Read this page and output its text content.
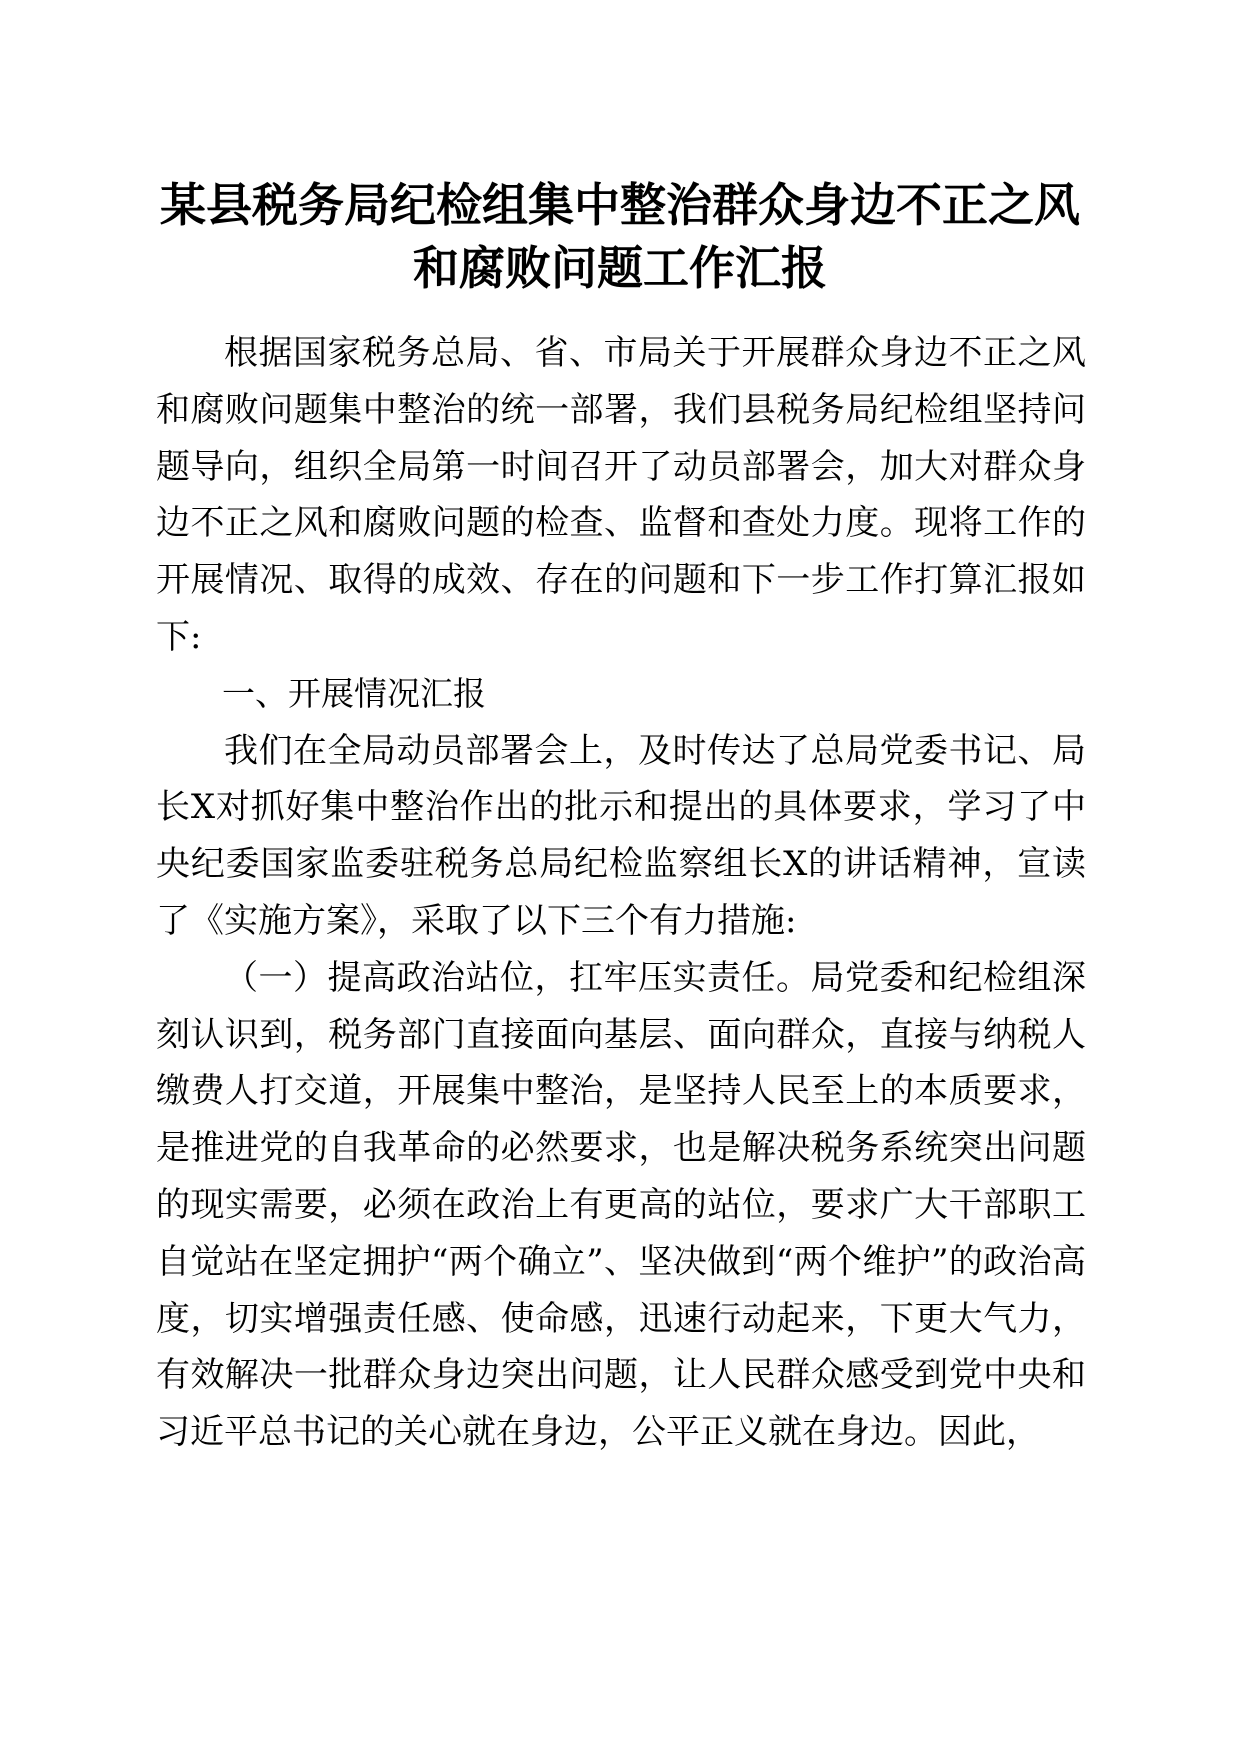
某县税务局纪检组集中整治群众身边不正之风和腐败问题工作汇报

根据国家税务总局、省、市局关于开展群众身边不正之风和腐败问题集中整治的统一部署，我们县税务局纪检组坚持问题导向，组织全局第一时间召开了动员部署会，加大对群众身边不正之风和腐败问题的检查、监督和查处力度。现将工作的开展情况、取得的成效、存在的问题和下一步工作打算汇报如下:

一、开展情况汇报

我们在全局动员部署会上，及时传达了总局党委书记、局长X对抓好集中整治作出的批示和提出的具体要求，学习了中央纪委国家监委驻税务总局纪检监察组长X的讲话精神，宣读了《实施方案》，采取了以下三个有力措施:

（一）提高政治站位，扛牢压实责任。局党委和纪检组深刻认识到，税务部门直接面向基层、面向群众，直接与纳税人缴费人打交道，开展集中整治，是坚持人民至上的本质要求，是推进党的自我革命的必然要求，也是解决税务系统突出问题的现实需要，必须在政治上有更高的站位，要求广大干部职工自觉站在坚定拥护“两个确立”、坚决做到“两个维护”的政治高度，切实增强责任感、使命感，迅速行动起来，下更大气力，有效解决一批群众身边突出问题，让人民群众感受到党中央和习近平总书记的关心就在身边，公平正义就在身边。因此，
